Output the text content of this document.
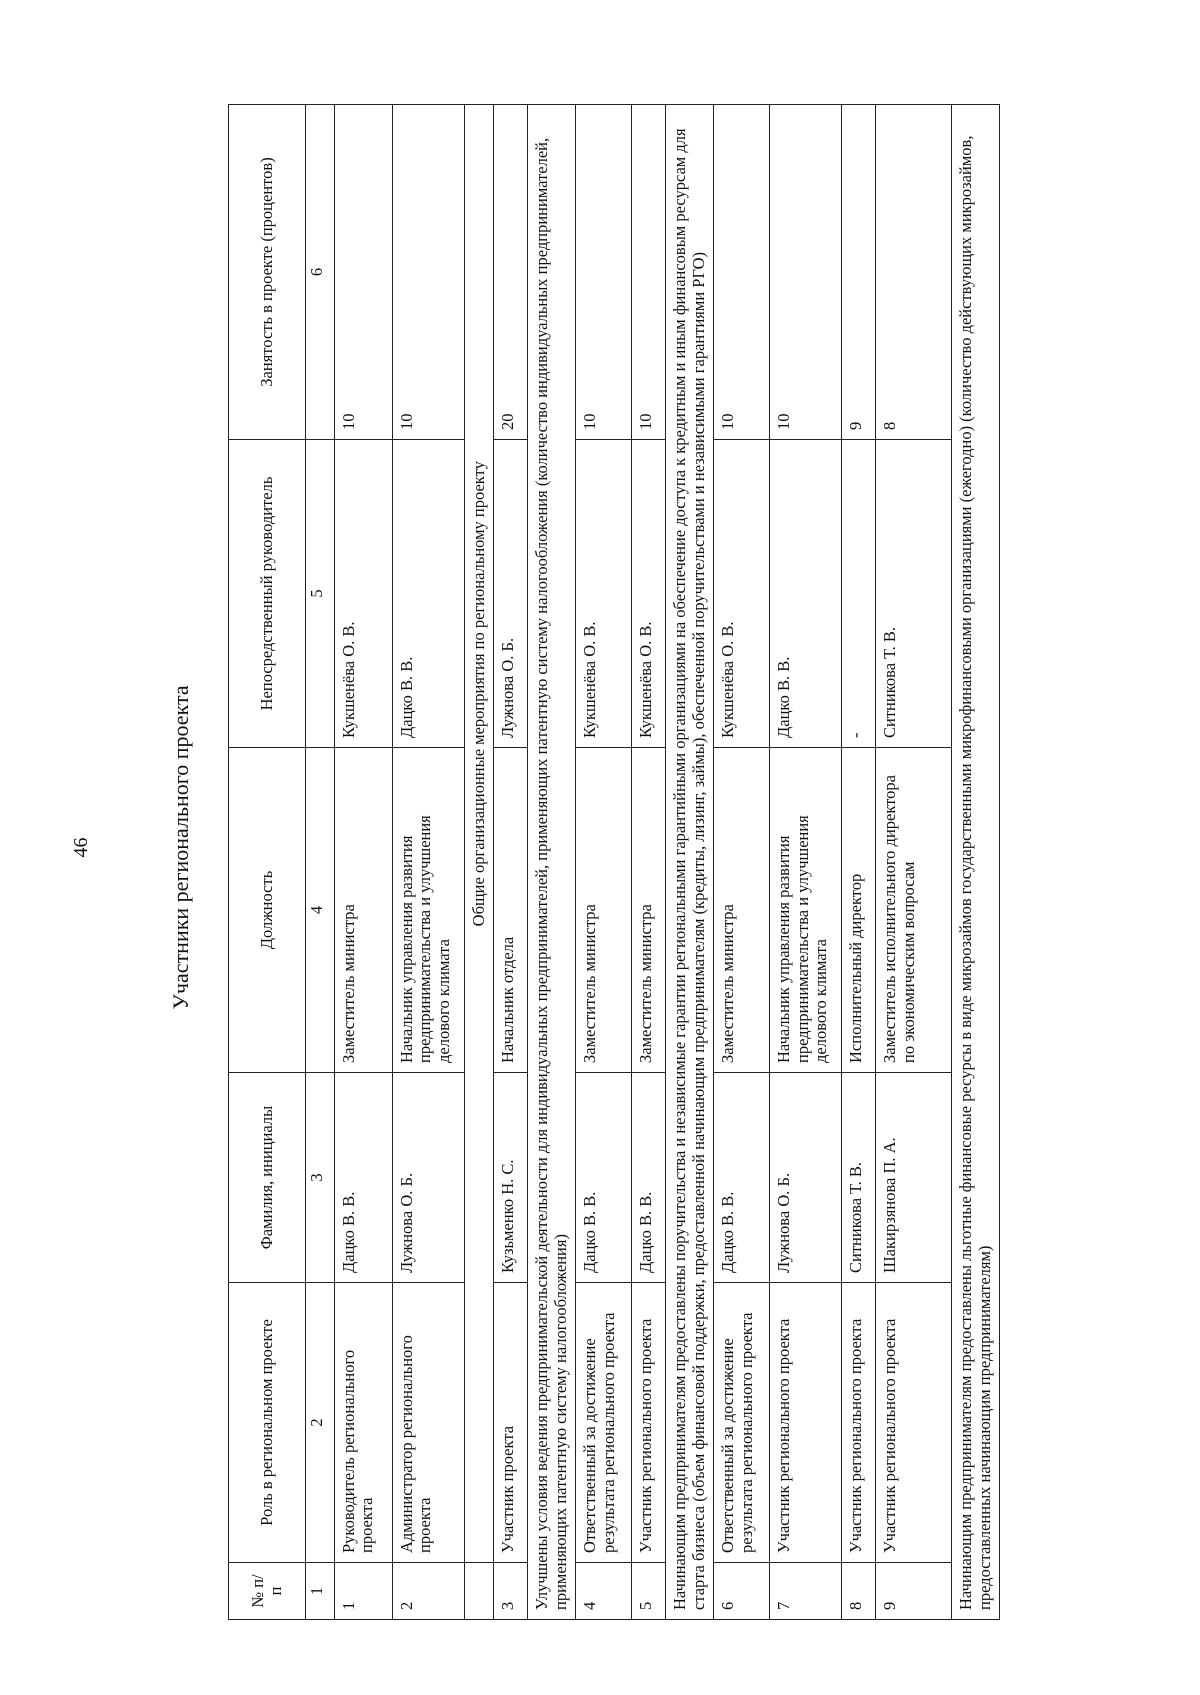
46	Участники регионального проекта
№ п/п	Роль в региональном проекте	Фамилия, инициалы	Должность	Непосредственный руководитель	Занятость в проекте (процентов)
1	2	3	4	5	6
1	Руководитель регионального проекта	Дацко В. В.	Заместитель министра	Кукшенёва О. В.	10
2	Администратор регионального проекта	Лужнова О. Б.	Начальник управления развития предпринимательства и улучшения делового климата	Дацко В. В.	10
		Общие организационные мероприятия по региональному проекту			
3	Участник проекта	Кузьменко Н. С.	Начальник отдела	Лужнова О. Б.	20
Улучшены условия ведения предпринимательской деятельности для индивидуальных предпринимателей, применяющих патентную систему налогообложения (количество индивидуальных предпринимателей, применяющих патентную систему налогообложения)					
4	Ответственный за достижение результата регионального проекта	Дацко В. В.	Заместитель министра	Кукшенёва О. В.	10
5	Участник регионального проекта	Дацко В. В.	Заместитель министра	Кукшенёва О. В.	10
Начинающим предпринимателям предоставлены поручительства и независимые гарантии региональными гарантийными организациями на обеспечение доступа к кредитным и иным финансовым ресурсам для старта бизнеса (объем финансовой поддержки, предоставленной начинающим предпринимателям (кредиты, лизинг, займы), обеспеченной поручительствами и независимыми гарантиями РГО)					
6	Ответственный за достижение результата регионального проекта	Дацко В. В.	Заместитель министра	Кукшенёва О. В.	10
7	Участник регионального проекта	Лужнова О. Б.	Начальник управления развития предпринимательства и улучшения делового климата	Дацко В. В.	10
8	Участник регионального проекта	Ситникова Т. В.	Исполнительный директор	-	9
9	Участник регионального проекта	Шакирзянова П. А.	Заместитель исполнительного директора по экономическим вопросам	Ситникова Т. В.	8
Начинающим предпринимателям предоставлены льготные финансовые ресурсы в виде микрозаймов государственными микрофинансовыми организациями (ежегодно) (количество действующих микрозаймов, предоставленных начинающим предпринимателям)					
